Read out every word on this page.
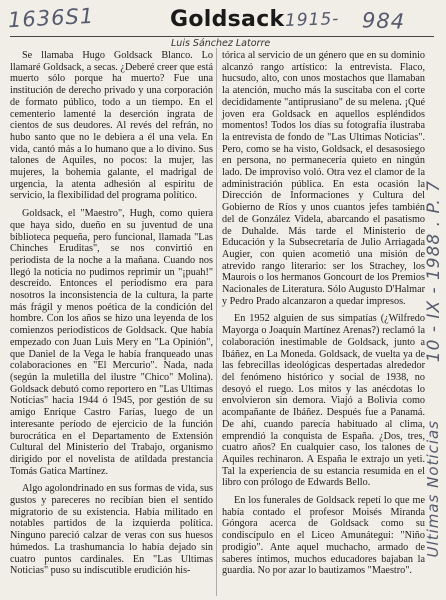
1636S1	1915- 984
Goldsack
Luis Sánchez Latorre

Se llamaba Hugo Goldsack Blanco. Lo llamaré Goldsack, a secas. ¿Deberé creer que está muerto sólo porque ha muerto? Fue una institución de derecho privado y una corporación de formato público, todo a un tiempo. En el cementerio lamenté la deserción ingrata de cientos de sus deudores. Al revés del refrán, no hubo santo que no le debiera a él una vela. En vida, cantó más a lo humano que a lo divino. Sus talones de Aquiles, no pocos: la mujer, las mujeres, la bohemia galante, el madrigal de urgencia, la atenta adhesión al espíritu de servicio, la flexibilidad del programa político.

Goldsack, el "Maestro", Hugh, como quiera que haya sido, dueño en su juventud de una biblioteca pequeña, pero funcional, llamada "Las Chinches Eruditas", se nos convirtió en periodista de la noche a la mañana. Cuando nos llegó la noticia no pudimos reprimir un "¡puah!" descreído. Entonces el periodismo era para nosotros la inconsistencia de la cultura, la parte más frágil y menos poética de la condición del hombre. Con los años se hizo una leyenda de los comienzos periodísticos de Goldsack. Que había empezado con Juan Luis Mery en "La Opinión", que Daniel de la Vega le había franqueado unas colaboraciones en "El Mercurio". Nada, nada (según la muletilla del ilustre "Chico" Molina). Goldsack debutó como reportero en "Las Ultimas Noticias" hacia 1944 ó 1945, por gestión de su amigo Enrique Castro Farías, luego de un interesante período de ejercicio de la función burocrática en el Departamento de Extensión Cultural del Ministerio del Trabajo, organismo dirigido por el novelista de atildada prestancia Tomás Gatica Martínez.

Algo agolondrinado en sus formas de vida, sus gustos y pareceres no recibían bien el sentido migratorio de su existencia. Había militado en notables partidos de la izquierda política. Ninguno pareció calzar de veras con sus huesos húmedos. La trashumancia lo había dejado sin cuatro puntos cardinales. En "Las Ultimas Noticias" puso su indiscutible erudición his-

tórica al servicio de un género que en su dominio alcanzó rango artístico: la entrevista. Flaco, hucsudo, alto, con unos mostachos que llamaban la atención, mucho más la suscitaba con el corte decididamente "antiprusiano" de su melena. ¡Qué joven era Goldsack en aquellos espléndidos momentos! Todos los días su fotografía ilustraba la entrevista de fondo de "Las Ultimas Noticias". Pero, como se ha visto, Goldsack, el desasosiego en persona, no permanecería quieto en ningún lado. De improviso voló. Otra vez el clamor de la administración pública. En esta ocasión la Dirección de Informaciones y Cultura del Gobierno de Ríos y unos cuantos jefes también del de González Videla, abarcando el pasatismo de Duhalde. Más tarde el Ministerio de Educación y la Subsecretaría de Julio Arriagada Augier, con quien acometió una misión de atrevido rango literario: ser los Strachey, los Maurois o los hermanos Goncourt de los Premios Nacionales de Literatura. Sólo Augusto D'Halmar y Pedro Prado alcanzaron a quedar impresos.

En 1952 alguien de sus simpatías (¿Wilfredo Mayorga o Joaquín Martínez Arenas?) reclamó la colaboración inestimable de Goldsack, junto a Ibáñez, en La Moneda. Goldsack, de vuelta ya de las febrecillas ideológicas despertadas alrededor del fenómeno histórico y social de 1938, no desoyó el ruego. Los mitos y las anécdotas lo envolvieron sin demora. Viajó a Bolivia como acompañante de Ibáñez. Después fue a Panamá. De ahí, cuando parecía habituado al clima, emprendió la conquista de España. ¿Dos, tres, cuatro años? En cualquier caso, los talones de Aquiles rechinaron. A España le extrajo un yeti. Tal la experiencia de su estancia resumida en el libro con prólogo de Edwards Bello.

En los funerales de Goldsack repetí lo que me había contado el profesor Moisés Miranda Góngora acerca de Goldsack como su condiscípulo en el Liceo Amunátegui: "Niño prodigio". Ante aquel muchacho, armado de saberes íntimos, muchos educadores bajaban la guardia. No por azar lo bautizamos "Maestro".

10 - IX - 1988 . P. 7
Ultimas Noticias
